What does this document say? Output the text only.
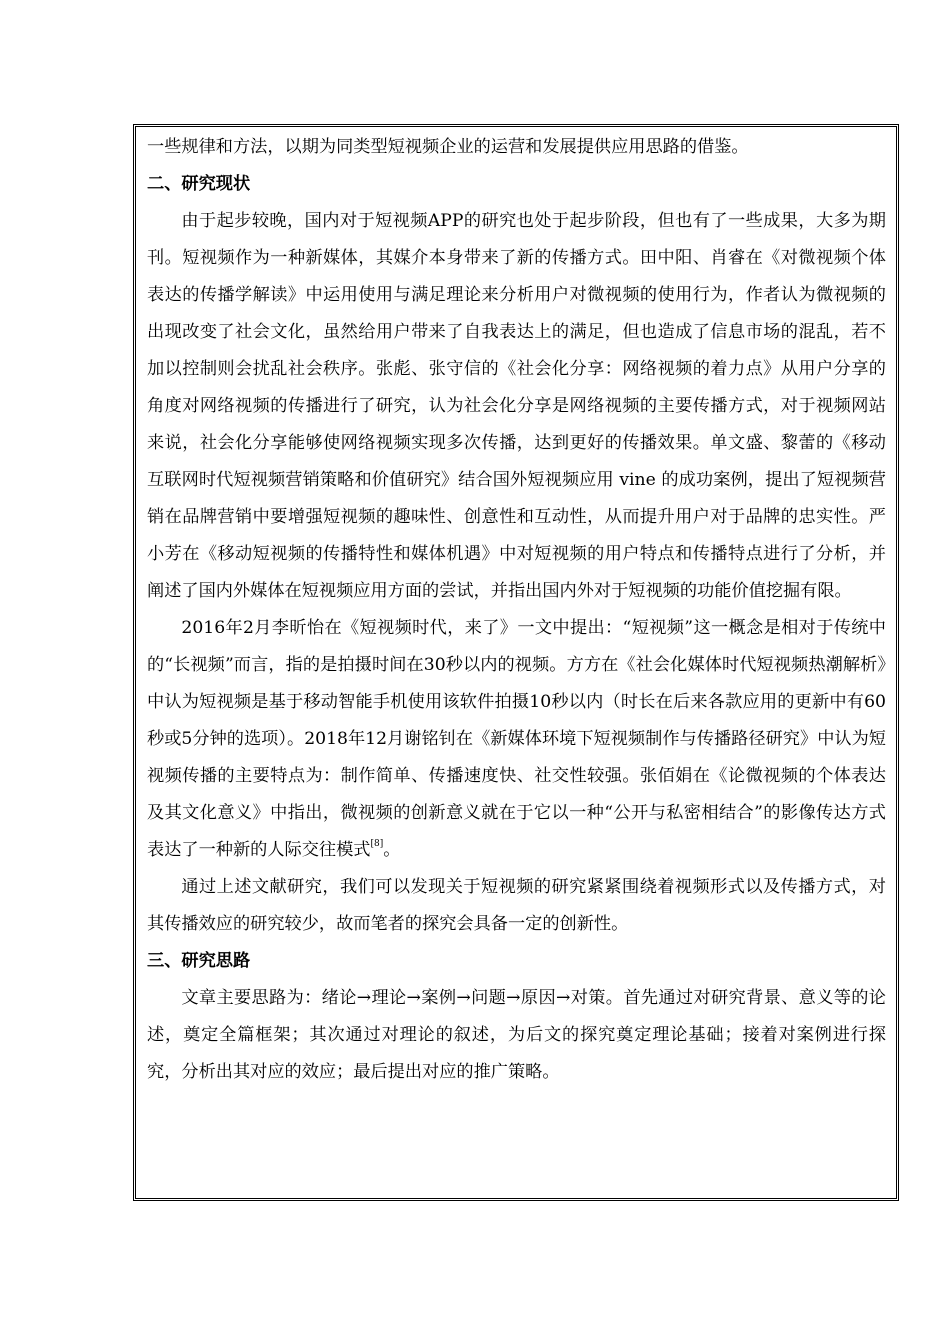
一些规律和方法，以期为同类型短视频企业的运营和发展提供应用思路的借鉴。

二、研究现状

由于起步较晚，国内对于短视频APP的研究也处于起步阶段，但也有了一些成果，大多为期刊。短视频作为一种新媒体，其媒介本身带来了新的传播方式。田中阳、肖睿在《对微视频个体表达的传播学解读》中运用使用与满足理论来分析用户对微视频的使用行为，作者认为微视频的出现改变了社会文化，虽然给用户带来了自我表达上的满足，但也造成了信息市场的混乱，若不加以控制则会扰乱社会秩序。张彪、张守信的《社会化分享：网络视频的着力点》从用户分享的角度对网络视频的传播进行了研究，认为社会化分享是网络视频的主要传播方式，对于视频网站来说，社会化分享能够使网络视频实现多次传播，达到更好的传播效果。单文盛、黎蕾的《移动互联网时代短视频营销策略和价值研究》结合国外短视频应用 vine 的成功案例，提出了短视频营销在品牌营销中要增强短视频的趣味性、创意性和互动性，从而提升用户对于品牌的忠实性。严小芳在《移动短视频的传播特性和媒体机遇》中对短视频的用户特点和传播特点进行了分析，并阐述了国内外媒体在短视频应用方面的尝试，并指出国内外对于短视频的功能价值挖掘有限。

2016年2月李昕怡在《短视频时代，来了》一文中提出：“短视频”这一概念是相对于传统中的“长视频”而言，指的是拍摄时间在30秒以内的视频。方方在《社会化媒体时代短视频热潮解析》中认为短视频是基于移动智能手机使用该软件拍摄10秒以内（时长在后来各款应用的更新中有60秒或5分钟的选项）。2018年12月谢铭钊在《新媒体环境下短视频制作与传播路径研究》中认为短视频传播的主要特点为：制作简单、传播速度快、社交性较强。张佰娟在《论微视频的个体表达及其文化意义》中指出，微视频的创新意义就在于它以一种“公开与私密相结合”的影像传达方式表达了一种新的人际交往模式[8]。

通过上述文献研究，我们可以发现关于短视频的研究紧紧围绕着视频形式以及传播方式，对其传播效应的研究较少，故而笔者的探究会具备一定的创新性。

三、研究思路

文章主要思路为：绪论→理论→案例→问题→原因→对策。首先通过对研究背景、意义等的论述，奠定全篇框架；其次通过对理论的叙述，为后文的探究奠定理论基础；接着对案例进行探究，分析出其对应的效应；最后提出对应的推广策略。
